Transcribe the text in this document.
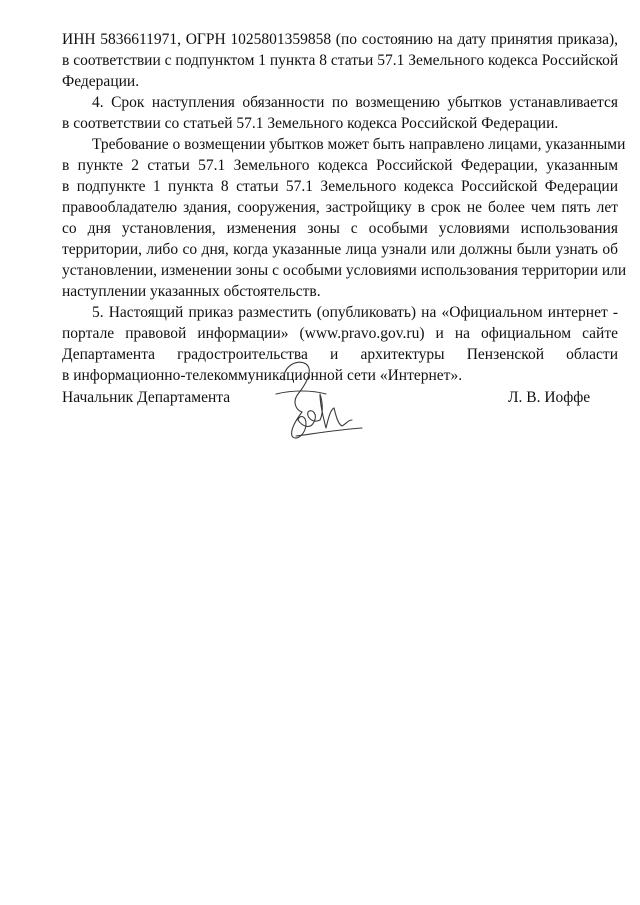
ИНН 5836611971, ОГРН 1025801359858 (по состоянию на дату принятия приказа),
в соответствии с подпунктом 1 пункта 8 статьи 57.1 Земельного кодекса Российской
Федерации.
4. Срок наступления обязанности по возмещению убытков устанавливается
в соответствии со статьей 57.1 Земельного кодекса Российской Федерации.
Требование о возмещении убытков может быть направлено лицами, указанными
в пункте 2 статьи 57.1 Земельного кодекса Российской Федерации, указанным
в подпункте 1 пункта 8 статьи 57.1 Земельного кодекса Российской Федерации
правообладателю здания, сооружения, застройщику в срок не более чем пять лет
со дня установления, изменения зоны с особыми условиями использования
территории, либо со дня, когда указанные лица узнали или должны были узнать об
установлении, изменении зоны с особыми условиями использования территории или
наступлении указанных обстоятельств.
5. Настоящий приказ разместить (опубликовать) на «Официальном интернет -
портале правовой информации» (www.pravo.gov.ru) и на официальном сайте
Департамента градостроительства и архитектуры Пензенской области
в информационно-телекоммуникационной сети «Интернет».
Начальник Департамента	Л. В. Иоффе
